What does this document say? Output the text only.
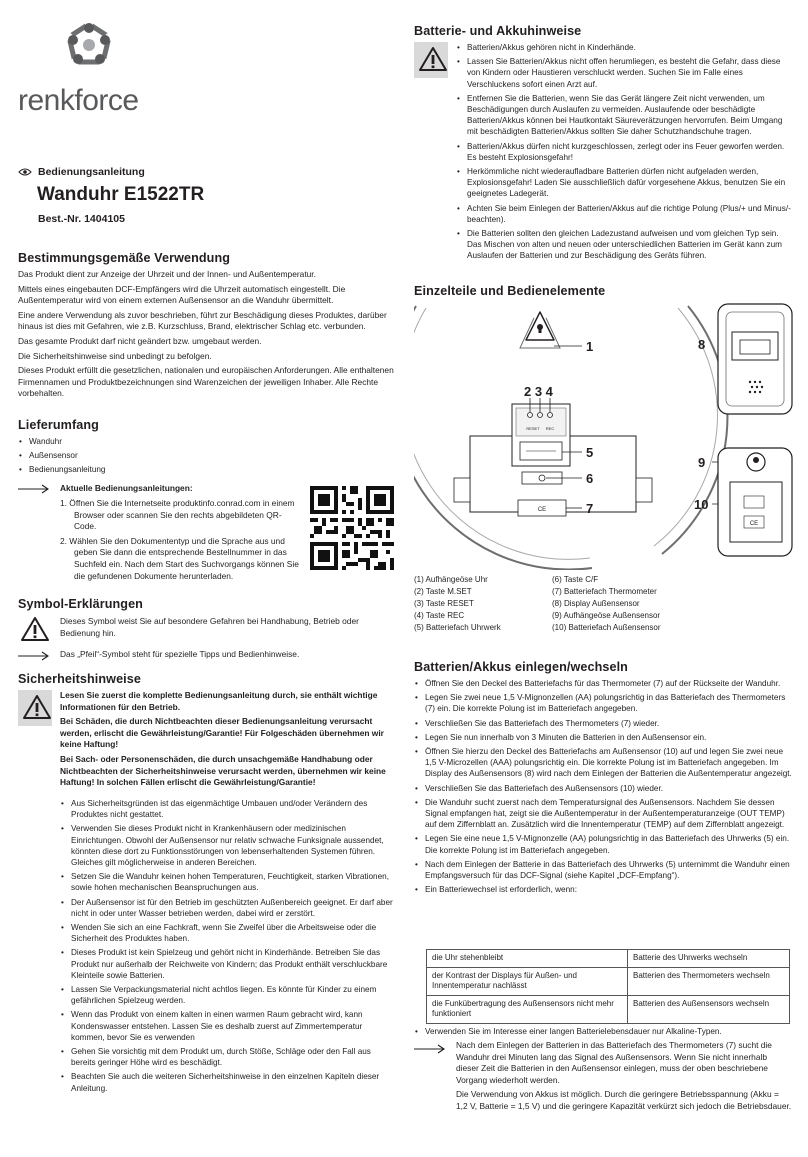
renkforce
Bedienungsanleitung
Wanduhr E1522TR
Best.-Nr. 1404105
Bestimmungsgemäße Verwendung

Das Produkt dient zur Anzeige der Uhrzeit und der Innen- und Außentemperatur.

Mittels eines eingebauten DCF-Empfängers wird die Uhrzeit automatisch eingestellt. Die Außentemperatur wird von einem externen Außensensor an die Wanduhr übermittelt.

Eine andere Verwendung als zuvor beschrieben, führt zur Beschädigung dieses Produktes, darüber hinaus ist dies mit Gefahren, wie z.B. Kurzschluss, Brand, elektrischer Schlag etc. verbunden.

Das gesamte Produkt darf nicht geändert bzw. umgebaut werden.

Die Sicherheitshinweise sind unbedingt zu befolgen.

Dieses Produkt erfüllt die gesetzlichen, nationalen und europäischen Anforderungen. Alle enthaltenen Firmennamen und Produktbezeichnungen sind Warenzeichen der jeweiligen Inhaber. Alle Rechte vorbehalten.

Lieferumfang
• Wanduhr
• Außensensor
• Bedienungsanleitung
Aktuelle Bedienungsanleitungen:

1. Öffnen Sie die Internetseite produktinfo.conrad.com in einem Browser oder scannen Sie den rechts abgebildeten QR-Code.

2. Wählen Sie den Dokumententyp und die Sprache aus und geben Sie dann die entsprechende Bestellnummer in das Suchfeld ein. Nach dem Start des Suchvorgangs können Sie die gefundenen Dokumente herunterladen.

Symbol-Erklärungen
Dieses Symbol weist Sie auf besondere Gefahren bei Handhabung, Betrieb oder Bedienung hin.
Das „Pfeil“-Symbol steht für spezielle Tipps und Bedienhinweise.
Sicherheitshinweise

Lesen Sie zuerst die komplette Bedienungsanleitung durch, sie enthält wichtige Informationen für den Betrieb.

Bei Schäden, die durch Nichtbeachten dieser Bedienungsanleitung verursacht werden, erlischt die Gewährleistung/Garantie! Für Folgeschäden übernehmen wir keine Haftung!

Bei Sach- oder Personenschäden, die durch unsachgemäße Handhabung oder Nichtbeachten der Sicherheitshinweise verursacht werden, übernehmen wir keine Haftung! In solchen Fällen erlischt die Gewährleistung/Garantie!

• Aus Sicherheitsgründen ist das eigenmächtige Umbauen und/oder Verändern des Produktes nicht gestattet.
• Verwenden Sie dieses Produkt nicht in Krankenhäusern oder medizinischen Einrichtungen. Obwohl der Außensensor nur relativ schwache Funksignale aussendet, könnten diese dort zu Funktionsstörungen von lebenserhaltenden Systemen führen. Gleiches gilt möglicherweise in anderen Bereichen.
• Setzen Sie die Wanduhr keinen hohen Temperaturen, Feuchtigkeit, starken Vibrationen, sowie hohen mechanischen Beanspruchungen aus.
• Der Außensensor ist für den Betrieb im geschützten Außenbereich geeignet. Er darf aber nicht in oder unter Wasser betrieben werden, dabei wird er zerstört.
• Wenden Sie sich an eine Fachkraft, wenn Sie Zweifel über die Arbeitsweise oder die Sicherheit des Produktes haben.
• Dieses Produkt ist kein Spielzeug und gehört nicht in Kinderhände. Betreiben Sie das Produkt nur außerhalb der Reichweite von Kindern; das Produkt enthält verschluckbare Kleinteile sowie Batterien.
• Lassen Sie Verpackungsmaterial nicht achtlos liegen. Es könnte für Kinder zu einem gefährlichen Spielzeug werden.
• Wenn das Produkt von einem kalten in einen warmen Raum gebracht wird, kann Kondenswasser entstehen. Lassen Sie es deshalb zuerst auf Zimmertemperatur kommen, bevor Sie es verwenden
• Gehen Sie vorsichtig mit dem Produkt um, durch Stöße, Schläge oder den Fall aus bereits geringer Höhe wird es beschädigt.
• Beachten Sie auch die weiteren Sicherheitshinweise in den einzelnen Kapiteln dieser Anleitung.
Batterie- und Akkuhinweise
• Batterien/Akkus gehören nicht in Kinderhände.
• Lassen Sie Batterien/Akkus nicht offen herumliegen, es besteht die Gefahr, dass diese von Kindern oder Haustieren verschluckt werden. Suchen Sie im Falle eines Verschluckens sofort einen Arzt auf.
• Entfernen Sie die Batterien, wenn Sie das Gerät längere Zeit nicht verwenden, um Beschädigungen durch Auslaufen zu vermeiden. Auslaufende oder beschädigte Batterien/Akkus können bei Hautkontakt Säureverätzungen hervorrufen. Beim Umgang mit beschädigten Batterien/Akkus sollten Sie daher Schutzhandschuhe tragen.
• Batterien/Akkus dürfen nicht kurzgeschlossen, zerlegt oder ins Feuer geworfen werden. Es besteht Explosionsgefahr!
• Herkömmliche nicht wiederaufladbare Batterien dürfen nicht aufgeladen werden, Explosionsgefahr! Laden Sie ausschließlich dafür vorgesehene Akkus, benutzen Sie ein geeignetes Ladegerät.
• Achten Sie beim Einlegen der Batterien/Akkus auf die richtige Polung (Plus/+ und Minus/- beachten).
• Die Batterien sollten den gleichen Ladezustand aufweisen und vom gleichen Typ sein. Das Mischen von alten und neuen oder unterschiedlichen Batterien im Gerät kann zum Auslaufen der Batterien und zur Beschädigung des Geräts führen.
Einzelteile und Bedienelemente
CE
RESET REC
CE
1
2 3 4
5
6
7
8
9
10
(1) Aufhängeöse Uhr
(2) Taste M.SET
(3) Taste RESET
(4) Taste REC
(5) Batteriefach Uhrwerk
(6) Taste C/F
(7) Batteriefach Thermometer
(8) Display Außensensor
(9) Aufhängeöse Außensensor
(10) Batteriefach Außensensor
Batterien/Akkus einlegen/wechseln
• Öffnen Sie den Deckel des Batteriefachs für das Thermometer (7) auf der Rückseite der Wanduhr.
• Legen Sie zwei neue 1,5 V-Mignonzellen (AA) polungsrichtig in das Batteriefach des Thermometers (7) ein. Die korrekte Polung ist im Batteriefach angegeben.
• Verschließen Sie das Batteriefach des Thermometers (7) wieder.
• Legen Sie nun innerhalb von 3 Minuten die Batterien in den Außensensor ein.
• Öffnen Sie hierzu den Deckel des Batteriefachs am Außensensor (10) auf und legen Sie zwei neue 1,5 V-Microzellen (AAA) polungsrichtig ein. Die korrekte Polung ist im Batteriefach angegeben. Im Display des Außensensors (8) wird nach dem Einlegen der Batterien die Außentemperatur angezeigt.
• Verschließen Sie das Batteriefach des Außensensors (10) wieder.
• Die Wanduhr sucht zuerst nach dem Temperatursignal des Außensensors. Nachdem Sie dessen Signal empfangen hat, zeigt sie die Außentemperatur in der Außentemperaturanzeige (OUT TEMP) auf dem Ziffernblatt an. Zusätzlich wird die Innentemperatur (TEMP) auf dem Ziffernblatt angezeigt.
• Legen Sie eine neue 1,5 V-Mignonzelle (AA) polungsrichtig in das Batteriefach des Uhrwerks (5) ein. Die korrekte Polung ist im Batteriefach angegeben.
• Nach dem Einlegen der Batterie in das Batteriefach des Uhrwerks (5) unternimmt die Wanduhr einen Empfangsversuch für das DCF-Signal (siehe Kapitel „DCF-Empfang“).
• Ein Batteriewechsel ist erforderlich, wenn:
die Uhr stehenbleibt	Batterie des Uhrwerks wechseln
der Kontrast der Displays für Außen- und Innentemperatur nachlässt	Batterien des Thermometers wechseln
die Funkübertragung des Außensensors nicht mehr funktioniert	Batterien des Außensensors wechseln
• Verwenden Sie im Interesse einer langen Batterielebensdauer nur Alkaline-Typen.

Nach dem Einlegen der Batterien in das Batteriefach des Thermometers (7) sucht die Wanduhr drei Minuten lang das Signal des Außensensors. Wenn Sie nicht innerhalb dieser Zeit die Batterien in den Außensensor einlegen, muss der oben beschriebene Vorgang wiederholt werden.

Die Verwendung von Akkus ist möglich. Durch die geringere Betriebsspannung (Akku = 1,2 V, Batterie = 1,5 V) und die geringere Kapazität verkürzt sich jedoch die Betriebsdauer.
